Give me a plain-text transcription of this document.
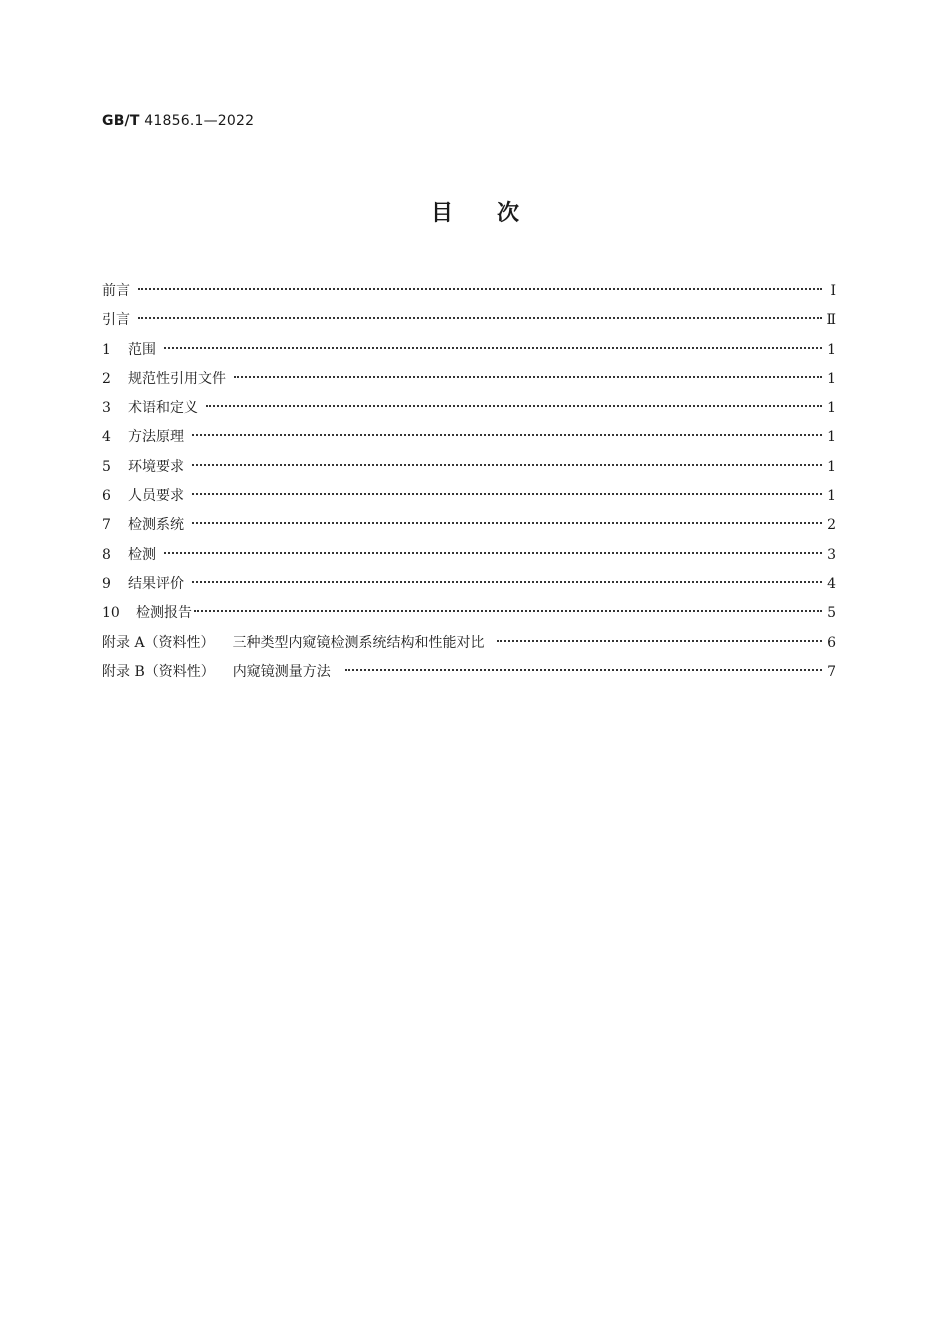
GB/T 41856.1—2022
目　　次
前言	Ⅰ
引言	Ⅱ
1 范围	1
2 规范性引用文件	1
3 术语和定义	1
4 方法原理	1
5 环境要求	1
6 人员要求	1
7 检测系统	2
8 检测	3
9 结果评价	4
10 检测报告	5
附录 A（资料性） 三种类型内窥镜检测系统结构和性能对比	6
附录 B（资料性） 内窥镜测量方法	7
